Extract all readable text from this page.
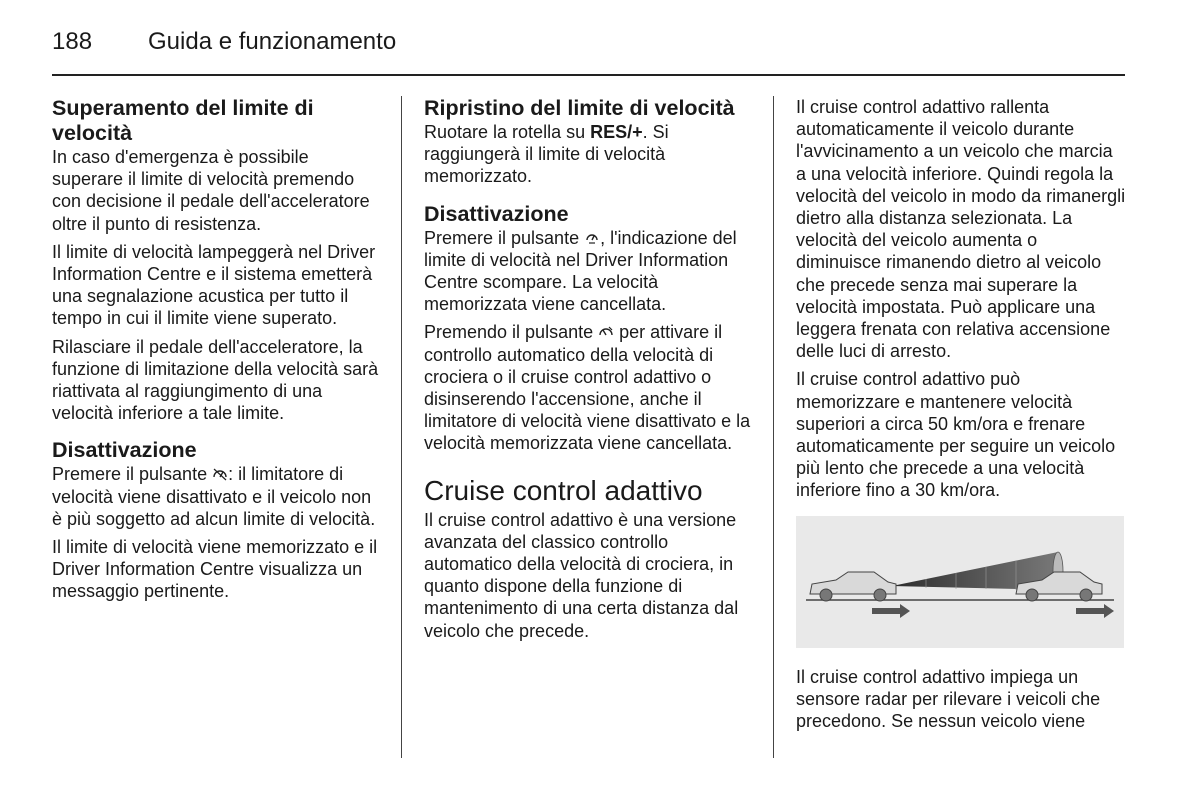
188 Guida e funzionamento
Superamento del limite di velocità

In caso d'emergenza è possibile superare il limite di velocità premendo con decisione il pedale dell'acceleratore oltre il punto di resistenza.

Il limite di velocità lampeggerà nel Driver Information Centre e il sistema emetterà una segnalazione acustica per tutto il tempo in cui il limite viene superato.

Rilasciare il pedale dell'acceleratore, la funzione di limitazione della velocità sarà riattivata al raggiungimento di una velocità inferiore a tale limite.

Disattivazione

Premere il pulsante : il limitatore di velocità viene disattivato e il veicolo non è più soggetto ad alcun limite di velocità.

Il limite di velocità viene memorizzato e il Driver Information Centre visualizza un messaggio pertinente.

Ripristino del limite di velocità

Ruotare la rotella su RES/+. Si raggiungerà il limite di velocità memorizzato.

Disattivazione

Premere il pulsante , l'indicazione del limite di velocità nel Driver Information Centre scompare. La velocità memorizzata viene cancellata.

Premendo il pulsante per attivare il controllo automatico della velocità di crociera o il cruise control adattivo o disinserendo l'accensione, anche il limitatore di velocità viene disattivato e la velocità memorizzata viene cancellata.

Cruise control adattivo

Il cruise control adattivo è una versione avanzata del classico controllo automatico della velocità di crociera, in quanto dispone della funzione di mantenimento di una certa distanza dal veicolo che precede.

Il cruise control adattivo rallenta automaticamente il veicolo durante l'avvicinamento a un veicolo che marcia a una velocità inferiore. Quindi regola la velocità del veicolo in modo da rimanergli dietro alla distanza selezionata. La velocità del veicolo aumenta o diminuisce rimanendo dietro al veicolo che precede senza mai superare la velocità impostata. Può applicare una leggera frenata con relativa accensione delle luci di arresto.

Il cruise control adattivo può memorizzare e mantenere velocità superiori a circa 50 km/ora e frenare automaticamente per seguire un veicolo più lento che precede a una velocità inferiore fino a 30 km/ora.

Il cruise control adattivo impiega un sensore radar per rilevare i veicoli che precedono. Se nessun veicolo viene
